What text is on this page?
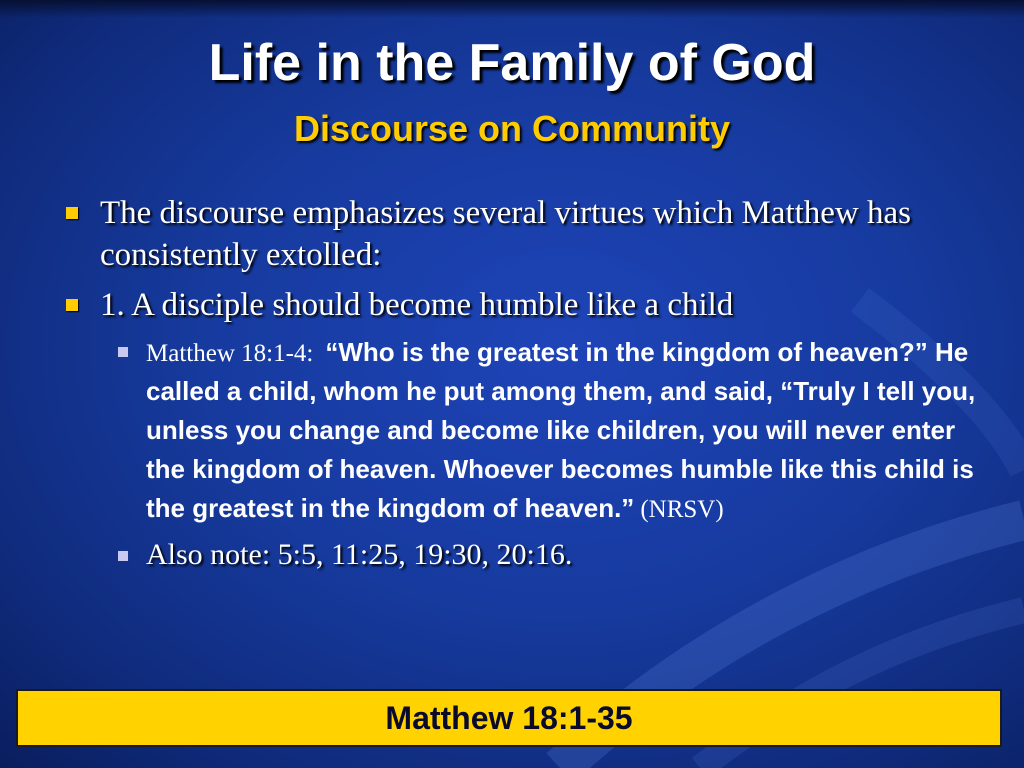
Life in the Family of God
Discourse on Community
The discourse emphasizes several virtues which Matthew has consistently extolled:
1. A disciple should become humble like a child
Matthew 18:1-4: “Who is the greatest in the kingdom of heaven?” He called a child, whom he put among them, and said, “Truly I tell you, unless you change and become like children, you will never enter the kingdom of heaven. Whoever becomes humble like this child is the greatest in the kingdom of heaven.” (NRSV)
Also note: 5:5, 11:25, 19:30, 20:16.
Matthew 18:1-35
